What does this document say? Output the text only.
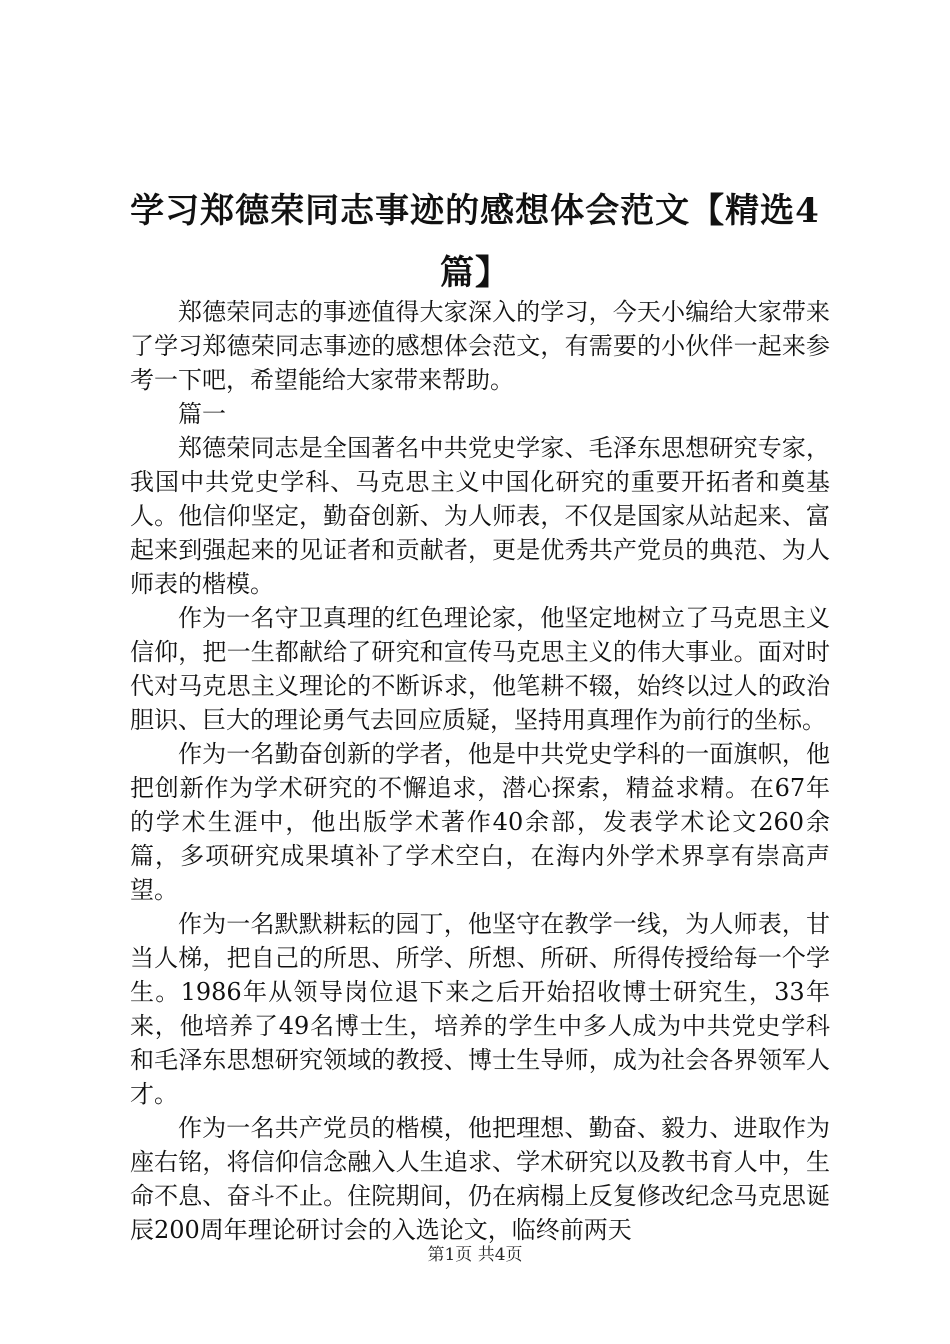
学习郑德荣同志事迹的感想体会范文【精选4篇】

郑德荣同志的事迹值得大家深入的学习，今天小编给大家带来了学习郑德荣同志事迹的感想体会范文，有需要的小伙伴一起来参考一下吧，希望能给大家带来帮助。

篇一

郑德荣同志是全国著名中共党史学家、毛泽东思想研究专家，我国中共党史学科、马克思主义中国化研究的重要开拓者和奠基人。他信仰坚定，勤奋创新、为人师表，不仅是国家从站起来、富起来到强起来的见证者和贡献者，更是优秀共产党员的典范、为人师表的楷模。

作为一名守卫真理的红色理论家，他坚定地树立了马克思主义信仰，把一生都献给了研究和宣传马克思主义的伟大事业。面对时代对马克思主义理论的不断诉求，他笔耕不辍，始终以过人的政治胆识、巨大的理论勇气去回应质疑，坚持用真理作为前行的坐标。

作为一名勤奋创新的学者，他是中共党史学科的一面旗帜，他把创新作为学术研究的不懈追求，潜心探索，精益求精。在67年的学术生涯中，他出版学术著作40余部，发表学术论文260余篇，多项研究成果填补了学术空白，在海内外学术界享有崇高声望。

作为一名默默耕耘的园丁，他坚守在教学一线，为人师表，甘当人梯，把自己的所思、所学、所想、所研、所得传授给每一个学生。1986年从领导岗位退下来之后开始招收博士研究生，33年来，他培养了49名博士生，培养的学生中多人成为中共党史学科和毛泽东思想研究领域的教授、博士生导师，成为社会各界领军人才。

作为一名共产党员的楷模，他把理想、勤奋、毅力、进取作为座右铭，将信仰信念融入人生追求、学术研究以及教书育人中，生命不息、奋斗不止。住院期间，仍在病榻上反复修改纪念马克思诞辰200周年理论研讨会的入选论文，临终前两天

第1页 共4页
